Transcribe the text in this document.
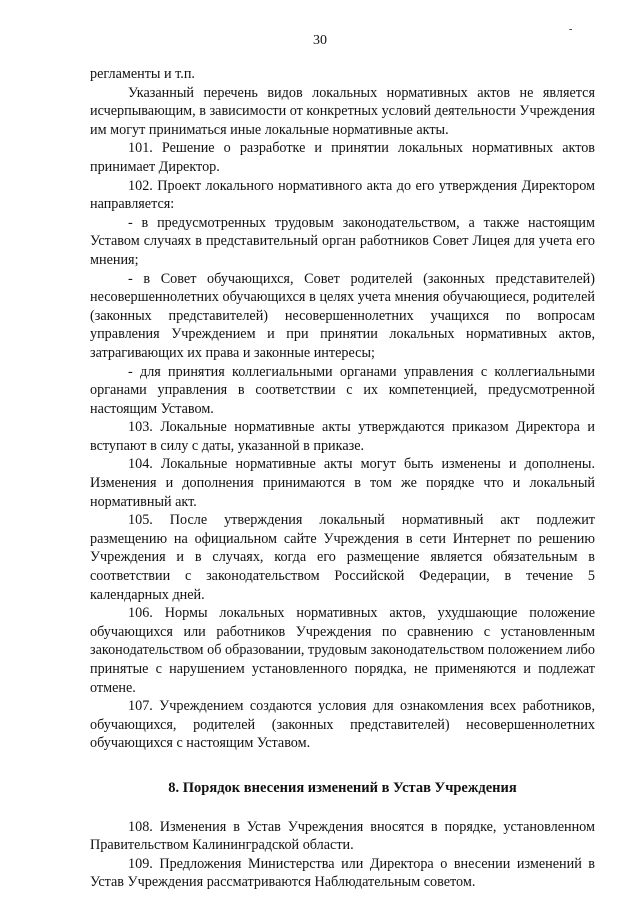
30
-

регламенты и т.п.

Указанный перечень видов локальных нормативных актов не является исчерпывающим, в зависимости от конкретных условий деятельности Учреждения им могут приниматься иные локальные нормативные акты.

101. Решение о разработке и принятии локальных нормативных актов принимает Директор.

102. Проект локального нормативного акта до его утверждения Директором направляется:

- в предусмотренных трудовым законодательством, а также настоящим Уставом случаях в представительный орган работников Совет Лицея для учета его мнения;

- в Совет обучающихся, Совет родителей (законных представителей) несовершеннолетних обучающихся в целях учета мнения обучающиеся, родителей (законных представителей) несовершеннолетних учащихся по вопросам управления Учреждением и при принятии локальных нормативных актов, затрагивающих их права и законные интересы;

- для принятия коллегиальными органами управления с коллегиальными органами управления в соответствии с их компетенцией, предусмотренной настоящим Уставом.

103. Локальные нормативные акты утверждаются приказом Директора и вступают в силу с даты, указанной в приказе.

104. Локальные нормативные акты могут быть изменены и дополнены. Изменения и дополнения принимаются в том же порядке что и локальный нормативный акт.

105. После утверждения локальный нормативный акт подлежит размещению на официальном сайте Учреждения в сети Интернет по решению Учреждения и в случаях, когда его размещение является обязательным в соответствии с законодательством Российской Федерации, в течение 5 календарных дней.

106. Нормы локальных нормативных актов, ухудшающие положение обучающихся или работников Учреждения по сравнению с установленным законодательством об образовании, трудовым законодательством положением либо принятые с нарушением установленного порядка, не применяются и подлежат отмене.

107. Учреждением создаются условия для ознакомления всех работников, обучающихся, родителей (законных представителей) несовершеннолетних обучающихся с настоящим Уставом.

8. Порядок внесения изменений в Устав Учреждения

108. Изменения в Устав Учреждения вносятся в порядке, установленном Правительством Калининградской области.

109. Предложения Министерства или Директора о внесении изменений в Устав Учреждения рассматриваются Наблюдательным советом.
